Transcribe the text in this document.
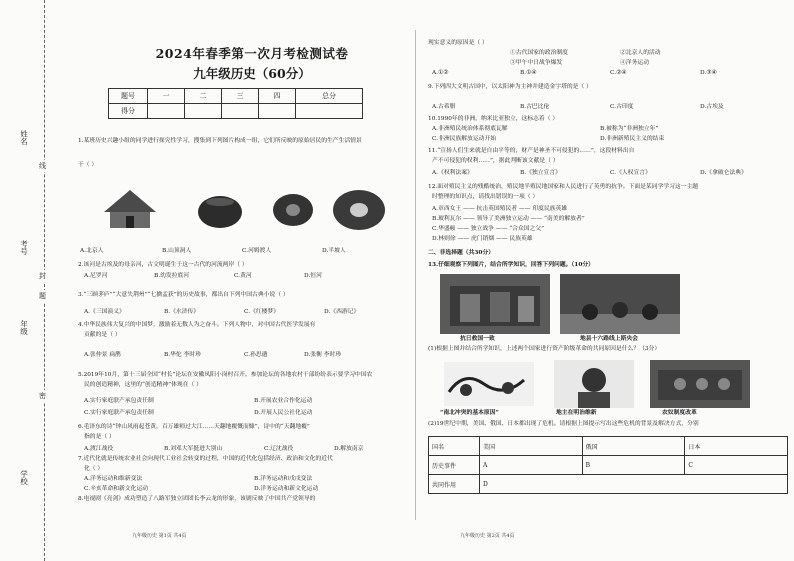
姓名
考号
年级
学校
线
封
题
密
2024年春季第一次月考检测试卷
九年级历史（60分）
题号	一	二	三	四	总分
得分					
1.某班历史兴趣小组的同学进行探究性学习，搜集到下列图片构成一组，它们所反映的原始居民的生产生活情景
于（ ）
A.北京人	B.山顶洞人	C.河姆渡人	D.半坡人
2.该河是古埃及的母亲河，古文明诞生于这一古代的河流两岸（ ）
A.尼罗河	B.幼发拉底河	C.黄河	D.恒河
3.“三顾茅庐”“大意失荆州”“七擒孟获”的历史故事，都出自下列中国古典小说（ ）
A.《三国演义》	B.《水浒传》	C.《红楼梦》	D.《西游记》
4.中华民族伟大复兴的中国梦，激励着无数人为之奋斗。下列人物中，对中国古代医学发展有
贡献的是（ ）
A.张仲景 扁鹊	B.华佗 李时珍	C.孙思邈	D.张衡 李时珍
5.2019年10月，第十三届全国“村长”论坛在安徽凤阳小岗村召开。参加论坛的各地农村干部纷纷表示要学习中国农
民的创造精神，这里的“创造精神”体现在（ ）
A.实行家庭联产承包责任制	B.开展农业合作化运动
C.实行家庭联产承包责任制	D.开展人民公社化运动
6.毛泽东的诗“钟山风雨起苍黄，百万雄师过大江……天翻地覆慨而慷”，诗中的“天翻地覆”
指的是（ ）
A.渡江战役	B.刘邓大军挺进大别山	C.辽沈战役	D.解放南京
7.近代化就是传统农业社会向现代工业社会转变的过程，中国的近代化包括经济、政治和文化的近代
化（ ）
A.洋务运动和维新变法	B.洋务运动和戊戌变法
C.辛亥革命和新文化运动	D.洋务运动和新文化运动
8.电视剧《亮剑》成功塑造了八路军独立团团长李云龙的形象，该剧反映了中国共产党领导的
九年级历史 第1页 共4页
现实意义的原因是（ ）
①古代国家的政治制度	②北京人的活动
③甲午中日战争爆发	④洋务运动
A.①②	B.①④	C.②④	D.③④
9.下列四大文明古国中，以太阳神为主神并建造金字塔的是（ ）
A.古希腊	B.古巴比伦	C.古印度	D.古埃及
10.1990年的非洲，纳米比亚独立，这标志着（ ）
A.非洲殖民统治体系彻底瓦解	B.被称为“非洲独立年”
C.非洲民族解放运动开始	D.非洲新殖民主义的结束
11.“宣扬人们生来就是自由平等的，财产是神圣不可侵犯的……”，这段材料出自
产不可侵犯的权利……”，据此判断该文献是（ ）
A.《权利法案》	B.《独立宣言》	C.《人权宣言》	D.《拿破仑法典》
12.面对殖民主义的残酷统治，殖民地半殖民地国家和人民进行了英勇的抗争。下面是某同学学习这一主题
时整理的知识点，请找出错误的一项（ ）
A.章西女王 —— 抗击英国殖民者 —— 印度民族英雄
B.玻利瓦尔 —— 领导了美洲独立运动 —— “南美的解放者”
C.华盛顿 —— 独立战争 —— “合众国之父”
D.林则徐 —— 虎门销烟 —— 民族英雄
二、非选择题（共30分）
13.仔细观察下列图片，结合所学知识，回答下列问题。（10分）
抗日救国一致	地县十六路线上斯央会
(1)根据上图并结合所学知识，上述两个国家进行资产阶级革命的共同原因是什么？（3分）
“南北冲突的基本原因”	地主在明治维新	农奴制度改革
(2)19世纪中期，美国、俄国、日本都出现了危机。请根据上图提示写出这些危机的背景及解决方式，分别
国名	美国	俄国	日本
历史事件	A	B	C
共同作用	D		
九年级历史 第2页 共4页
